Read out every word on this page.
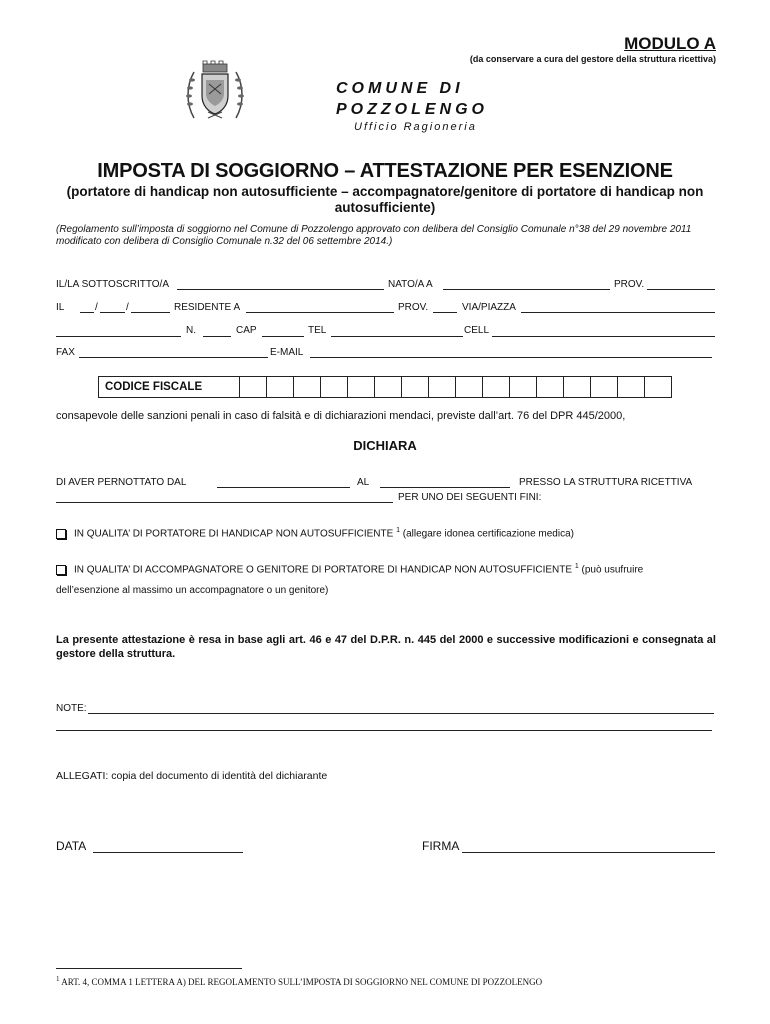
MODULO A
(da conservare a cura del gestore della struttura ricettiva)
COMUNE DI
POZZOLENGO
Ufficio Ragioneria
IMPOSTA DI SOGGIORNO – ATTESTAZIONE PER ESENZIONE
(portatore di handicap non autosufficiente – accompagnatore/genitore di portatore di handicap non autosufficiente)
(Regolamento sull’imposta di soggiorno nel Comune di Pozzolengo approvato con delibera del Consiglio Comunale n°38 del 29 novembre 2011 modificato con delibera di Consiglio Comunale n.32 del 06 settembre 2014.)
IL/LA SOTTOSCRITTO/A	NATO/A A	PROV.
IL	/	/	RESIDENTE A	PROV.	VIA/PIAZZA
N.	CAP	TEL	CELL
FAX	E-MAIL
CODICE FISCALE
consapevole delle sanzioni penali in caso di falsità e di dichiarazioni mendaci, previste dall’art. 76 del DPR 445/2000,
DICHIARA
DI AVER PERNOTTATO DAL	AL	PRESSO LA STRUTTURA RICETTIVA
PER UNO DEI SEGUENTI FINI:
IN QUALITA’ DI PORTATORE DI HANDICAP NON AUTOSUFFICIENTE $^1$ (allegare idonea certificazione medica)
IN QUALITA’ DI ACCOMPAGNATORE O GENITORE DI PORTATORE DI HANDICAP NON AUTOSUFFICIENTE $^1$ (può usufruire
dell’esenzione al massimo un accompagnatore o un genitore)
La presente attestazione è resa in base agli art. 46 e 47 del D.P.R. n. 445 del 2000 e successive modificazioni e consegnata al gestore della struttura.
NOTE:
ALLEGATI: copia del documento di identità del dichiarante
DATA	FIRMA
$^1$ ART. 4, COMMA 1 LETTERA A) DEL REGOLAMENTO SULL’IMPOSTA DI SOGGIORNO NEL COMUNE DI POZZOLENGO
